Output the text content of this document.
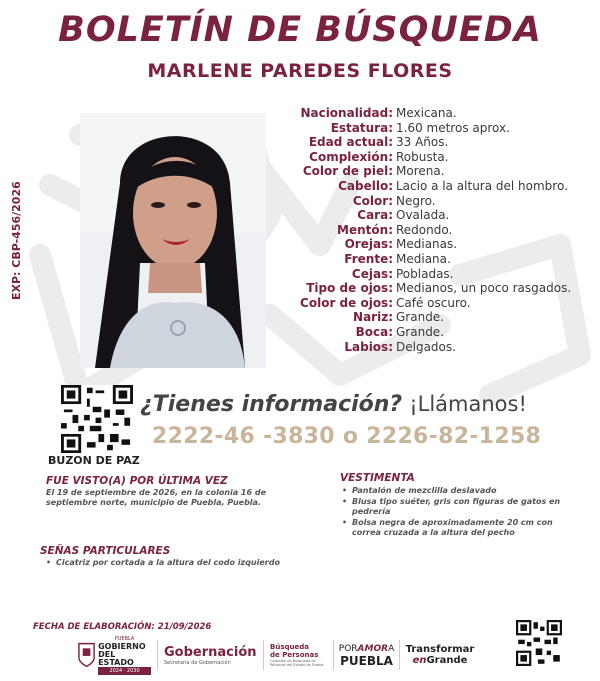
BOLETÍN DE BÚSQUEDA
MARLENE PAREDES FLORES
EXP: CBP-456/2026
Nacionalidad: Mexicana.
Estatura: 1.60 metros aprox.
Edad actual: 33 Años.
Complexión: Robusta.
Color de piel: Morena.
Cabello: Lacio a la altura del hombro.
Color: Negro.
Cara: Ovalada.
Mentón: Redondo.
Orejas: Medianas.
Frente: Mediana.
Cejas: Pobladas.
Tipo de ojos: Medianos, un poco rasgados.
Color de ojos: Café oscuro.
Nariz: Grande.
Boca: Grande.
Labios: Delgados.
BUZON DE PAZ
¿Tienes información? ¡Llámanos!
2222-46 -3830 o 2226-82-1258
FUE VISTO(A) POR ÚLTIMA VEZ
El 19 de septiembre de 2026, en la colonia 16 de septiembre norte, municipio de Puebla, Puebla.
VESTIMENTA
• Pantalón de mezclilla deslavado
• Blusa tipo suéter, gris con figuras de gatos en pedrería
• Bolsa negra de aproximadamente 20 cm con correa cruzada a la altura del pecho
SEÑAS PARTICULARES
• Cicatriz por cortada a la altura del codo izquierdo
FECHA DE ELABORACIÓN: 21/09/2026
PUEBLA
GOBIERNO
DEL ESTADO
2024 · 2030
Gobernación
Secretaría de Gobernación
Búsqueda
de Personas
Comisión de Búsqueda de Personas del Estado de Puebla
PORAMORA
PUEBLA
Transformar
enGrande
